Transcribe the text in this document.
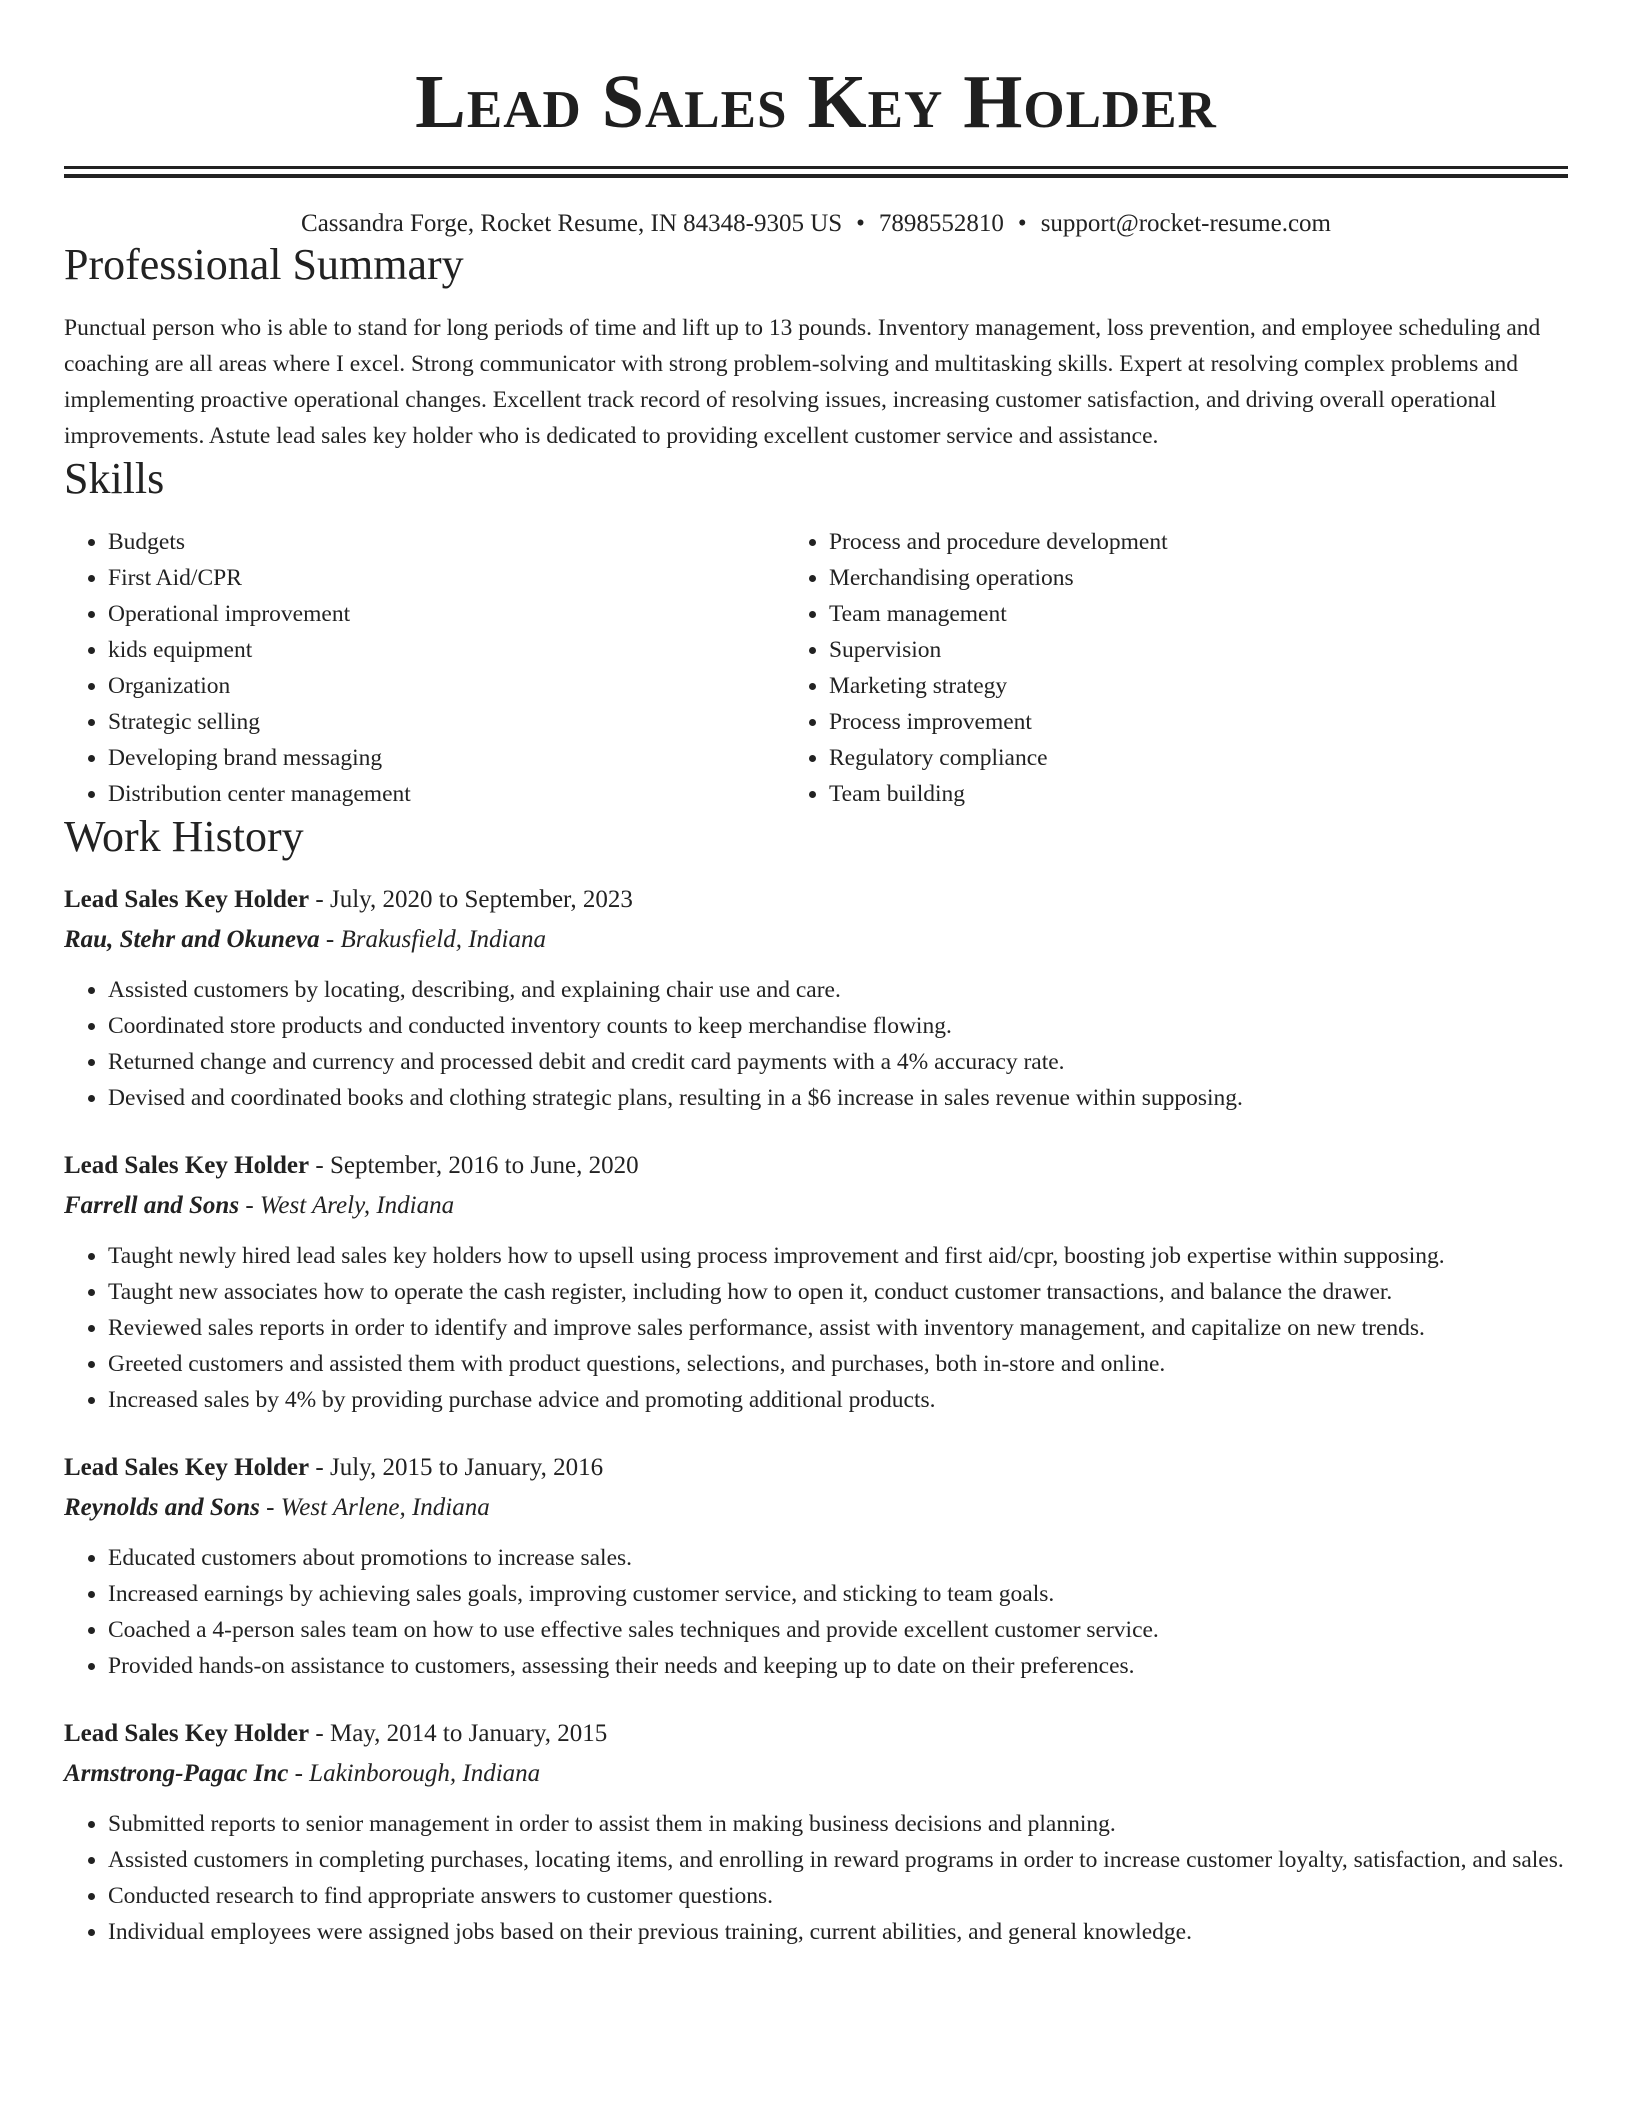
Lead Sales Key Holder
Cassandra Forge, Rocket Resume, IN 84348-9305 US • 7898552810 • support@rocket-resume.com
Professional Summary

Punctual person who is able to stand for long periods of time and lift up to 13 pounds. Inventory management, loss prevention, and employee scheduling and coaching are all areas where I excel. Strong communicator with strong problem-solving and multitasking skills. Expert at resolving complex problems and implementing proactive operational changes. Excellent track record of resolving issues, increasing customer satisfaction, and driving overall operational improvements. Astute lead sales key holder who is dedicated to providing excellent customer service and assistance.

Skills
• Budgets
• First Aid/CPR
• Operational improvement
• kids equipment
• Organization
• Strategic selling
• Developing brand messaging
• Distribution center management
• Process and procedure development
• Merchandising operations
• Team management
• Supervision
• Marketing strategy
• Process improvement
• Regulatory compliance
• Team building
Work History
Lead Sales Key Holder - July, 2020 to September, 2023
Rau, Stehr and Okuneva - Brakusfield, Indiana
• Assisted customers by locating, describing, and explaining chair use and care.
• Coordinated store products and conducted inventory counts to keep merchandise flowing.
• Returned change and currency and processed debit and credit card payments with a 4% accuracy rate.
• Devised and coordinated books and clothing strategic plans, resulting in a $6 increase in sales revenue within supposing.
Lead Sales Key Holder - September, 2016 to June, 2020
Farrell and Sons - West Arely, Indiana
• Taught newly hired lead sales key holders how to upsell using process improvement and first aid/cpr, boosting job expertise within supposing.
• Taught new associates how to operate the cash register, including how to open it, conduct customer transactions, and balance the drawer.
• Reviewed sales reports in order to identify and improve sales performance, assist with inventory management, and capitalize on new trends.
• Greeted customers and assisted them with product questions, selections, and purchases, both in-store and online.
• Increased sales by 4% by providing purchase advice and promoting additional products.
Lead Sales Key Holder - July, 2015 to January, 2016
Reynolds and Sons - West Arlene, Indiana
• Educated customers about promotions to increase sales.
• Increased earnings by achieving sales goals, improving customer service, and sticking to team goals.
• Coached a 4-person sales team on how to use effective sales techniques and provide excellent customer service.
• Provided hands-on assistance to customers, assessing their needs and keeping up to date on their preferences.
Lead Sales Key Holder - May, 2014 to January, 2015
Armstrong-Pagac Inc - Lakinborough, Indiana
• Submitted reports to senior management in order to assist them in making business decisions and planning.
• Assisted customers in completing purchases, locating items, and enrolling in reward programs in order to increase customer loyalty, satisfaction, and sales.
• Conducted research to find appropriate answers to customer questions.
• Individual employees were assigned jobs based on their previous training, current abilities, and general knowledge.
